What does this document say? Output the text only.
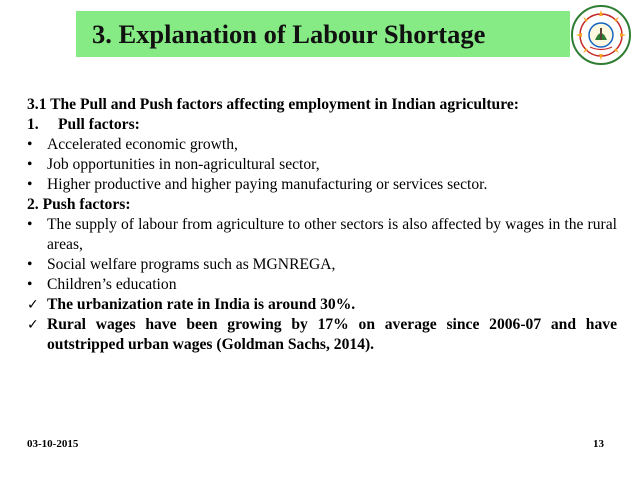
3. Explanation of Labour Shortage

3.1 The Pull and Push factors affecting employment in Indian agriculture:

1.	Pull factors:
• Accelerated economic growth,
• Job opportunities in non-agricultural sector,
• Higher productive and higher paying manufacturing or services sector.

2. Push factors:

• The supply of labour from agriculture to other sectors is also affected by wages in the rural areas,
• Social welfare programs such as MGNREGA,
• Children’s education
✓ The urbanization rate in India is around 30%.
✓ Rural wages have been growing by 17% on average since 2006-07 and have outstripped urban wages (Goldman Sachs, 2014).
03-10-2015	13
